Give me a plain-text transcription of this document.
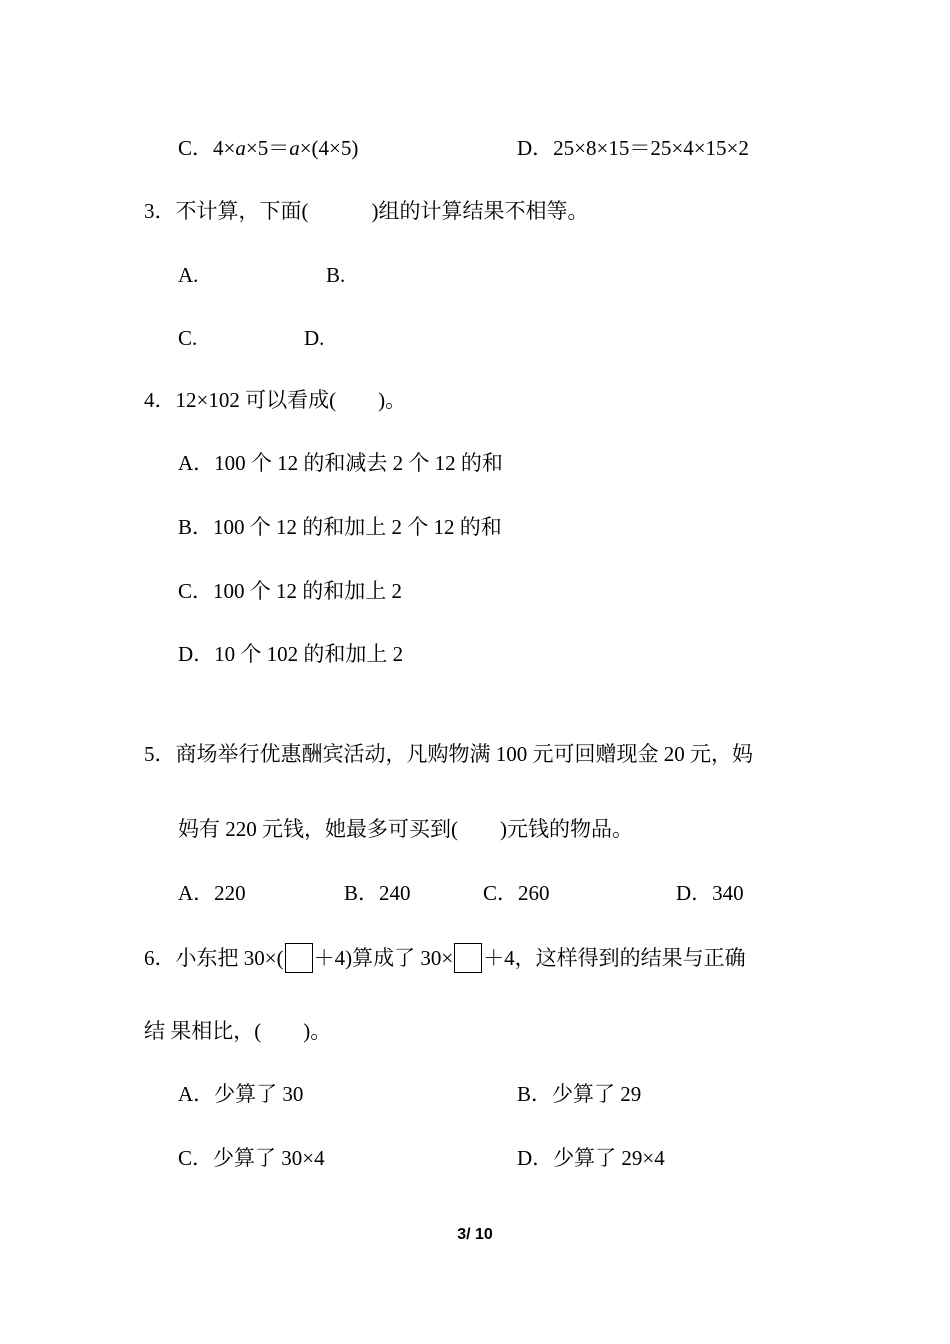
C．4×a×5＝a×(4×5)	D．25×8×15＝25×4×15×2
3．不计算，下面(　　　)组的计算结果不相等。
A.	B.
C.	D.
4．12×102 可以看成(　　)。
A．100 个 12 的和减去 2 个 12 的和
B．100 个 12 的和加上 2 个 12 的和
C．100 个 12 的和加上 2
D．10 个 102 的和加上 2
5．商场举行优惠酬宾活动，凡购物满 100 元可回赠现金 20 元，妈
妈有 220 元钱，她最多可买到(　　)元钱的物品。
A．220	B．240	C．260	D．340
6．小东把 30×( ＋4)算成了 30× ＋4，这样得到的结果与正确
结 果相比，(　　)。
A．少算了 30	B．少算了 29
C．少算了 30×4	D．少算了 29×4
3/ 10
